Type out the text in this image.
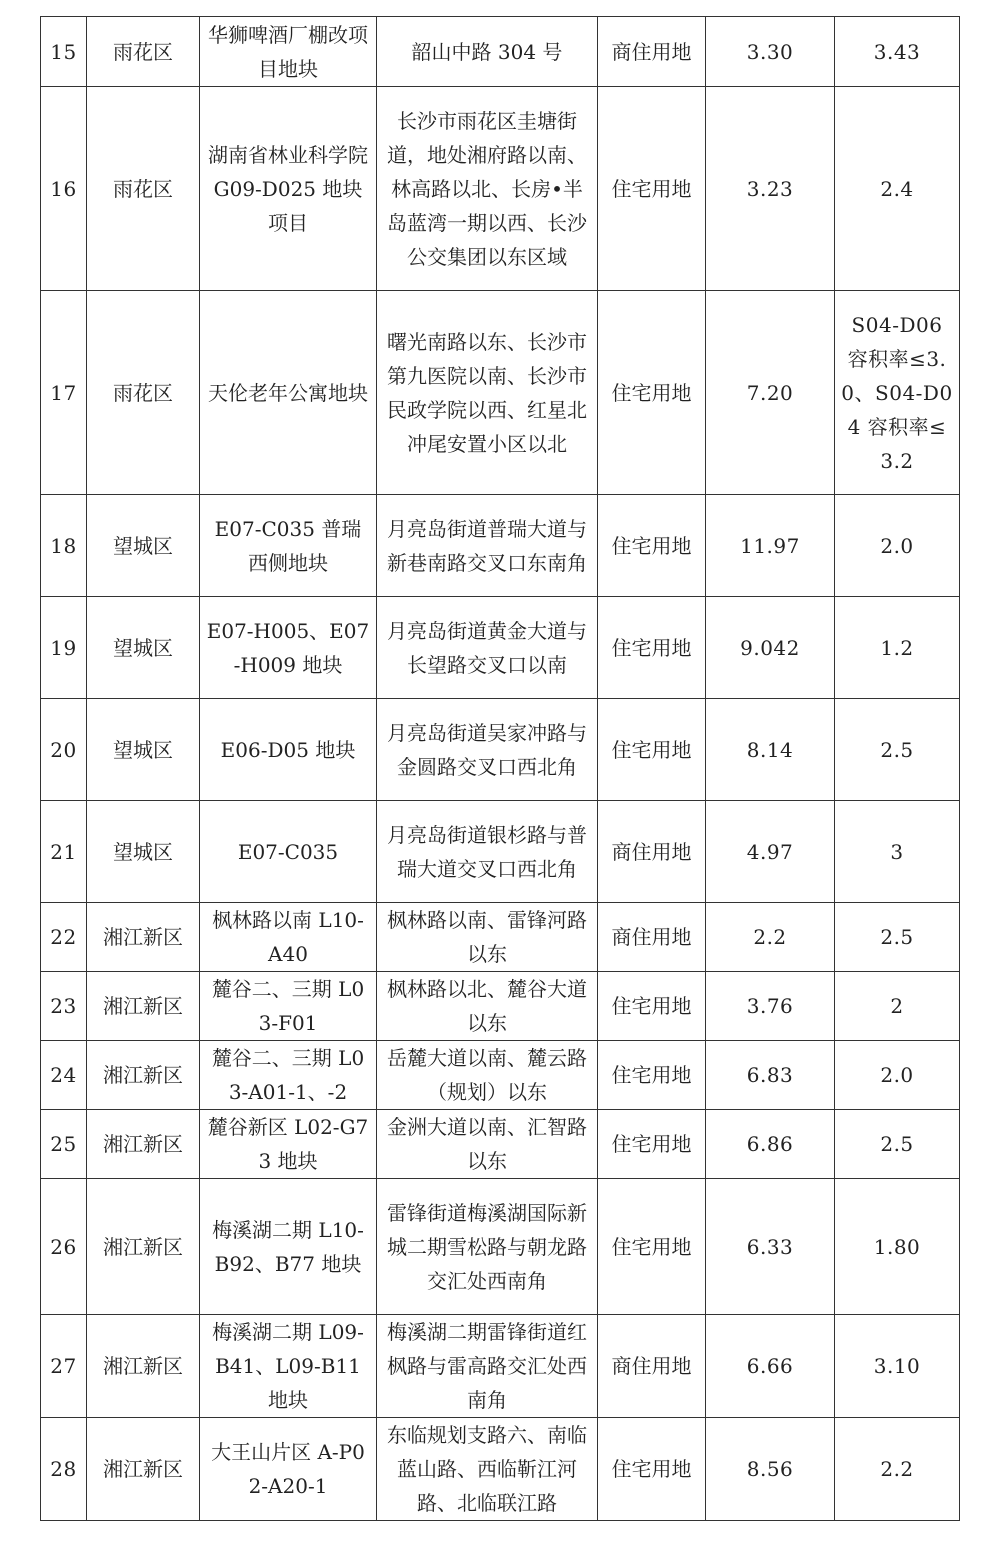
15	雨花区	华狮啤酒厂棚改项目地块	韶山中路 304 号	商住用地	3.30	3.43
16	雨花区	湖南省林业科学院 G09-D025 地块项目	长沙市雨花区圭塘街道，地处湘府路以南、林高路以北、长房•半岛蓝湾一期以西、长沙公交集团以东区域	住宅用地	3.23	2.4
17	雨花区	天伦老年公寓地块	曙光南路以东、长沙市第九医院以南、长沙市民政学院以西、红星北冲尾安置小区以北	住宅用地	7.20	S04-D06 容积率≤3.0、S04-D04 容积率≤3.2
18	望城区	E07-C035 普瑞西侧地块	月亮岛街道普瑞大道与新巷南路交叉口东南角	住宅用地	11.97	2.0
19	望城区	E07-H005、E07-H009 地块	月亮岛街道黄金大道与长望路交叉口以南	住宅用地	9.042	1.2
20	望城区	E06-D05 地块	月亮岛街道吴家冲路与金圆路交叉口西北角	住宅用地	8.14	2.5
21	望城区	E07-C035	月亮岛街道银杉路与普瑞大道交叉口西北角	商住用地	4.97	3
22	湘江新区	枫林路以南 L10-A40	枫林路以南、雷锋河路以东	商住用地	2.2	2.5
23	湘江新区	麓谷二、三期 L03-F01	枫林路以北、麓谷大道以东	住宅用地	3.76	2
24	湘江新区	麓谷二、三期 L03-A01-1、-2	岳麓大道以南、麓云路（规划）以东	住宅用地	6.83	2.0
25	湘江新区	麓谷新区 L02-G73 地块	金洲大道以南、汇智路以东	住宅用地	6.86	2.5
26	湘江新区	梅溪湖二期 L10-B92、B77 地块	雷锋街道梅溪湖国际新城二期雪松路与朝龙路交汇处西南角	住宅用地	6.33	1.80
27	湘江新区	梅溪湖二期 L09-B41、L09-B11 地块	梅溪湖二期雷锋街道红枫路与雷高路交汇处西南角	商住用地	6.66	3.10
28	湘江新区	大王山片区 A-P02-A20-1	东临规划支路六、南临蓝山路、西临靳江河路、北临联江路	住宅用地	8.56	2.2
